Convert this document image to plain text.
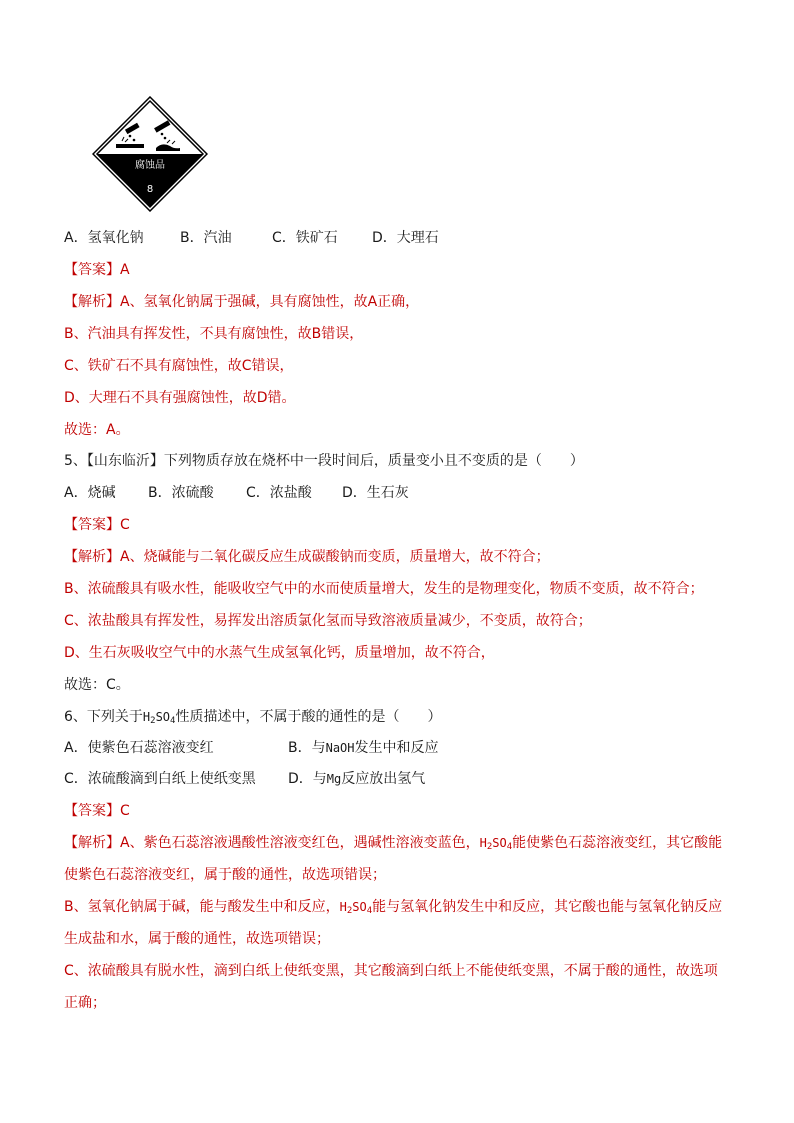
腐蚀品
8
A．氢氧化钠	B．汽油	C．铁矿石 D．大理石
【答案】A
【解析】A、氢氧化钠属于强碱，具有腐蚀性，故A正确，
B、汽油具有挥发性，不具有腐蚀性，故B错误，
C、铁矿石不具有腐蚀性，故C错误，
D、大理石不具有强腐蚀性，故D错。
故选：A。
5、【山东临沂】下列物质存放在烧杯中一段时间后，质量变小且不变质的是（　　）
A．烧碱 B．浓硫酸 C．浓盐酸 D．生石灰
【答案】C
【解析】A、烧碱能与二氧化碳反应生成碳酸钠而变质，质量增大，故不符合；
B、浓硫酸具有吸水性，能吸收空气中的水而使质量增大，发生的是物理变化，物质不变质，故不符合；
C、浓盐酸具有挥发性，易挥发出溶质氯化氢而导致溶液质量减少，不变质，故符合；
D、生石灰吸收空气中的水蒸气生成氢氧化钙，质量增加，故不符合，
故选：C。
6、下列关于$H_2SO_4$性质描述中，不属于酸的通性的是（　　）
A．使紫色石蕊溶液变红	B．与NaOH发生中和反应
C．浓硫酸滴到白纸上使纸变黑 D．与Mg反应放出氢气
【答案】C
【解析】A、紫色石蕊溶液遇酸性溶液变红色，遇碱性溶液变蓝色，$H_2SO_4$能使紫色石蕊溶液变红，其它酸能
使紫色石蕊溶液变红，属于酸的通性，故选项错误；
B、氢氧化钠属于碱，能与酸发生中和反应，$H_2SO_4$能与氢氧化钠发生中和反应，其它酸也能与氢氧化钠反应
生成盐和水，属于酸的通性，故选项错误；
C、浓硫酸具有脱水性，滴到白纸上使纸变黑，其它酸滴到白纸上不能使纸变黑，不属于酸的通性，故选项
正确；
